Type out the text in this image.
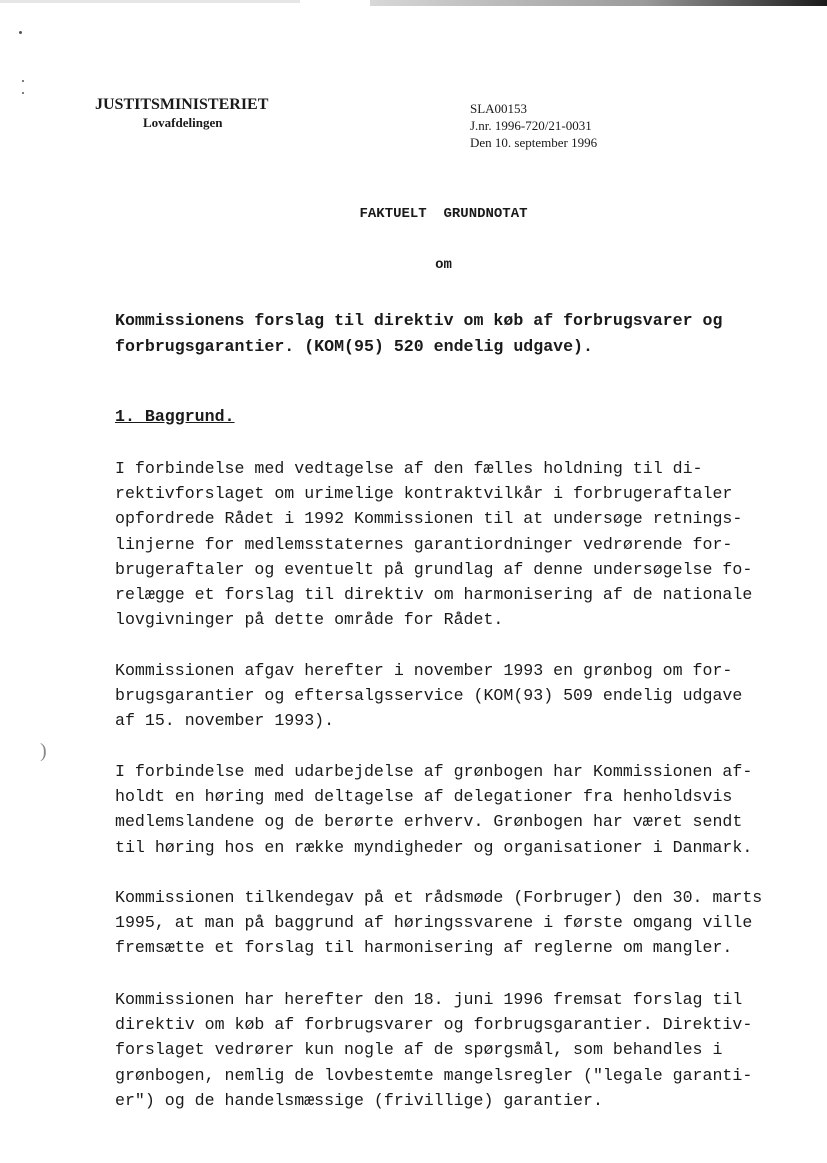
)
JUSTITSMINISTERIET
Lovafdelingen
SLA00153
J.nr. 1996-720/21-0031
Den 10. september 1996
FAKTUELT  GRUNDNOTAT
om
Kommissionens forslag til direktiv om køb af forbrugsvarer og
forbrugsgarantier. (KOM(95) 520 endelig udgave).
1. Baggrund.
I forbindelse med vedtagelse af den fælles holdning til di-
rektivforslaget om urimelige kontraktvilkår i forbrugeraftaler
opfordrede Rådet i 1992 Kommissionen til at undersøge retnings-
linjerne for medlemsstaternes garantiordninger vedrørende for-
brugeraftaler og eventuelt på grundlag af denne undersøgelse fo-
relægge et forslag til direktiv om harmonisering af de nationale
lovgivninger på dette område for Rådet.
Kommissionen afgav herefter i november 1993 en grønbog om for-
brugsgarantier og eftersalgsservice (KOM(93) 509 endelig udgave
af 15. november 1993).
I forbindelse med udarbejdelse af grønbogen har Kommissionen af-
holdt en høring med deltagelse af delegationer fra henholdsvis
medlemslandene og de berørte erhverv. Grønbogen har været sendt
til høring hos en række myndigheder og organisationer i Danmark.
Kommissionen tilkendegav på et rådsmøde (Forbruger) den 30. marts
1995, at man på baggrund af høringssvarene i første omgang ville
fremsætte et forslag til harmonisering af reglerne om mangler.
Kommissionen har herefter den 18. juni 1996 fremsat forslag til
direktiv om køb af forbrugsvarer og forbrugsgarantier. Direktiv-
forslaget vedrører kun nogle af de spørgsmål, som behandles i
grønbogen, nemlig de lovbestemte mangelsregler ("legale garanti-
er") og de handelsmæssige (frivillige) garantier.
